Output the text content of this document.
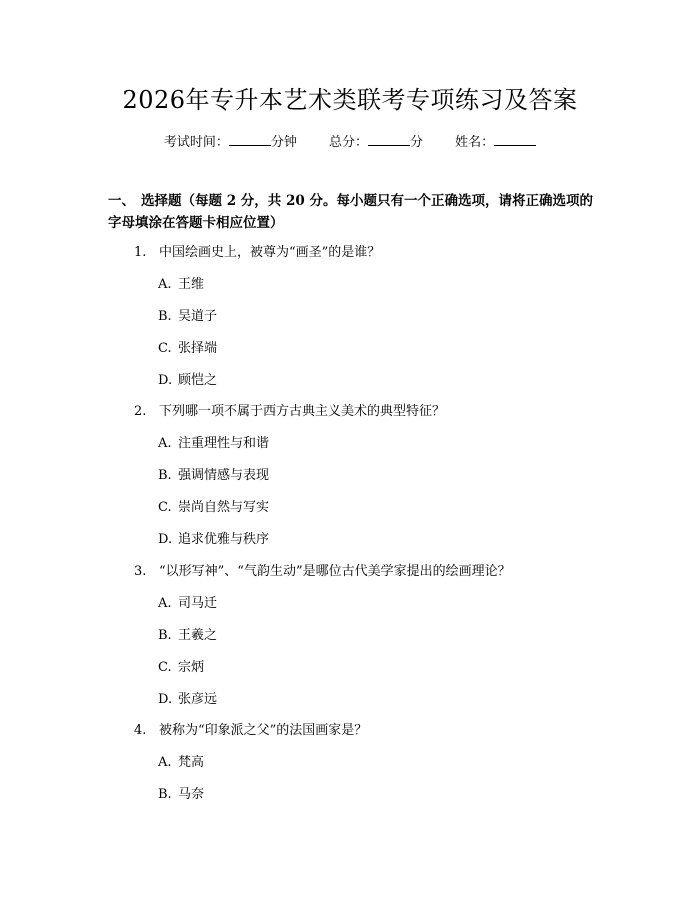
2026年专升本艺术类联考专项练习及答案
考试时间：	分钟 总分：	分 姓名：
一、 选择题（每题 2 分，共 20 分。每小题只有一个正确选项，请将正确选项的
字母填涂在答题卡相应位置）
1. 中国绘画史上，被尊为“画圣”的是谁？
A. 王维
B. 吴道子
C. 张择端
D. 顾恺之
2. 下列哪一项不属于西方古典主义美术的典型特征？
A. 注重理性与和谐
B. 强调情感与表现
C. 崇尚自然与写实
D. 追求优雅与秩序
3. “以形写神”、“气韵生动”是哪位古代美学家提出的绘画理论？
A. 司马迁
B. 王羲之
C. 宗炳
D. 张彦远
4. 被称为“印象派之父”的法国画家是？
A. 梵高
B. 马奈
